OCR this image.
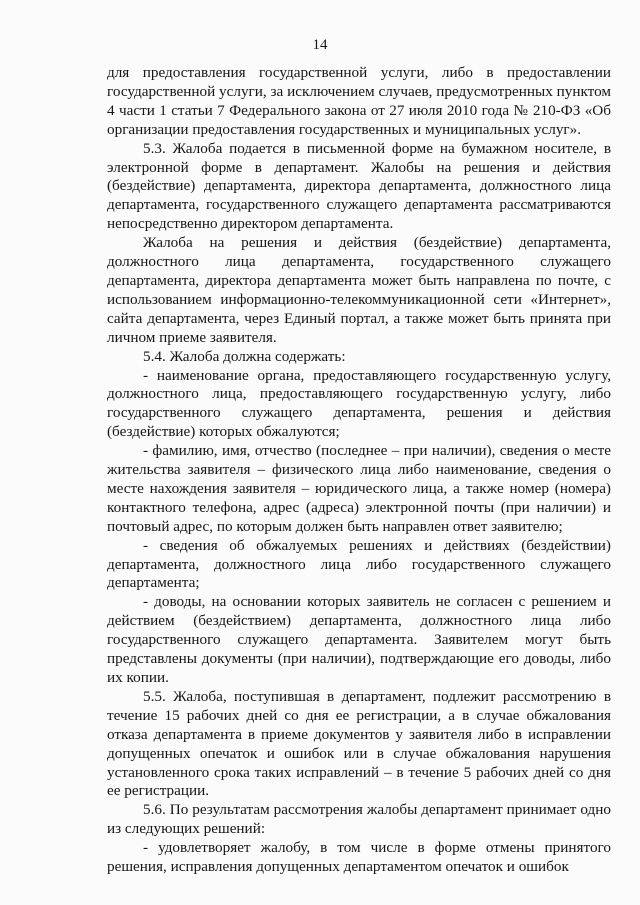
14

для предоставления государственной услуги, либо в предоставлении государственной услуги, за исключением случаев, предусмотренных пунктом 4 части 1 статьи 7 Федерального закона от 27 июля 2010 года № 210-ФЗ «Об организации предоставления государственных и муниципальных услуг».

5.3. Жалоба подается в письменной форме на бумажном носителе, в электронной форме в департамент. Жалобы на решения и действия (бездействие) департамента, директора департамента, должностного лица департамента, государственного служащего департамента рассматриваются непосредственно директором департамента.

Жалоба на решения и действия (бездействие) департамента, должностного лица департамента, государственного служащего департамента, директора департамента может быть направлена по почте, с использованием информационно-телекоммуникационной сети «Интернет», сайта департамента, через Единый портал, а также может быть принята при личном приеме заявителя.

5.4. Жалоба должна содержать:

- наименование органа, предоставляющего государственную услугу, должностного лица, предоставляющего государственную услугу, либо государственного служащего департамента, решения и действия (бездействие) которых обжалуются;

- фамилию, имя, отчество (последнее – при наличии), сведения о месте жительства заявителя – физического лица либо наименование, сведения о месте нахождения заявителя – юридического лица, а также номер (номера) контактного телефона, адрес (адреса) электронной почты (при наличии) и почтовый адрес, по которым должен быть направлен ответ заявителю;

- сведения об обжалуемых решениях и действиях (бездействии) департамента, должностного лица либо государственного служащего департамента;

- доводы, на основании которых заявитель не согласен с решением и действием (бездействием) департамента, должностного лица либо государственного служащего департамента. Заявителем могут быть представлены документы (при наличии), подтверждающие его доводы, либо их копии.

5.5. Жалоба, поступившая в департамент, подлежит рассмотрению в течение 15 рабочих дней со дня ее регистрации, а в случае обжалования отказа департамента в приеме документов у заявителя либо в исправлении допущенных опечаток и ошибок или в случае обжалования нарушения установленного срока таких исправлений – в течение 5 рабочих дней со дня ее регистрации.

5.6. По результатам рассмотрения жалобы департамент принимает одно из следующих решений:

- удовлетворяет жалобу, в том числе в форме отмены принятого решения, исправления допущенных департаментом опечаток и ошибок
